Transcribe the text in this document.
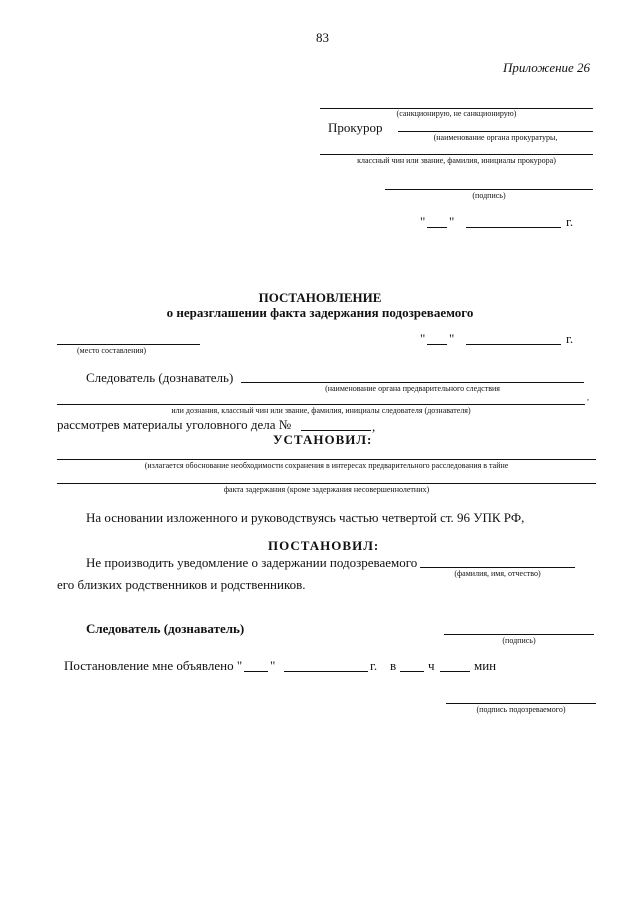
83
Приложение 26
(санкционирую, не санкционирую)
Прокурор
(наименование органа прокуратуры,
классный чин или звание, фамилия, инициалы прокурора)
(подпись)
" "	г.
ПОСТАНОВЛЕНИЕ
о неразглашении факта задержания подозреваемого
(место составления)
" "	г.
Следователь (дознаватель)
(наименование органа предварительного следствия
,
или дознания, классный чин или звание, фамилия, инициалы следователя (дознавателя)
рассмотрев материалы уголовного дела №	,
УСТАНОВИЛ:
(излагается обоснование необходимости сохранения в интересах предварительного расследования в тайне
факта задержания (кроме задержания несовершеннолетних)
На основании изложенного и руководствуясь частью четвертой ст. 96 УПК РФ,
ПОСТАНОВИЛ:
Не производить уведомление о задержании подозреваемого
(фамилия, имя, отчество)
его близких родственников и родственников.
Следователь (дознаватель)
(подпись)
Постановление мне объявлено " "	г. в ч	мин
(подпись подозреваемого)
